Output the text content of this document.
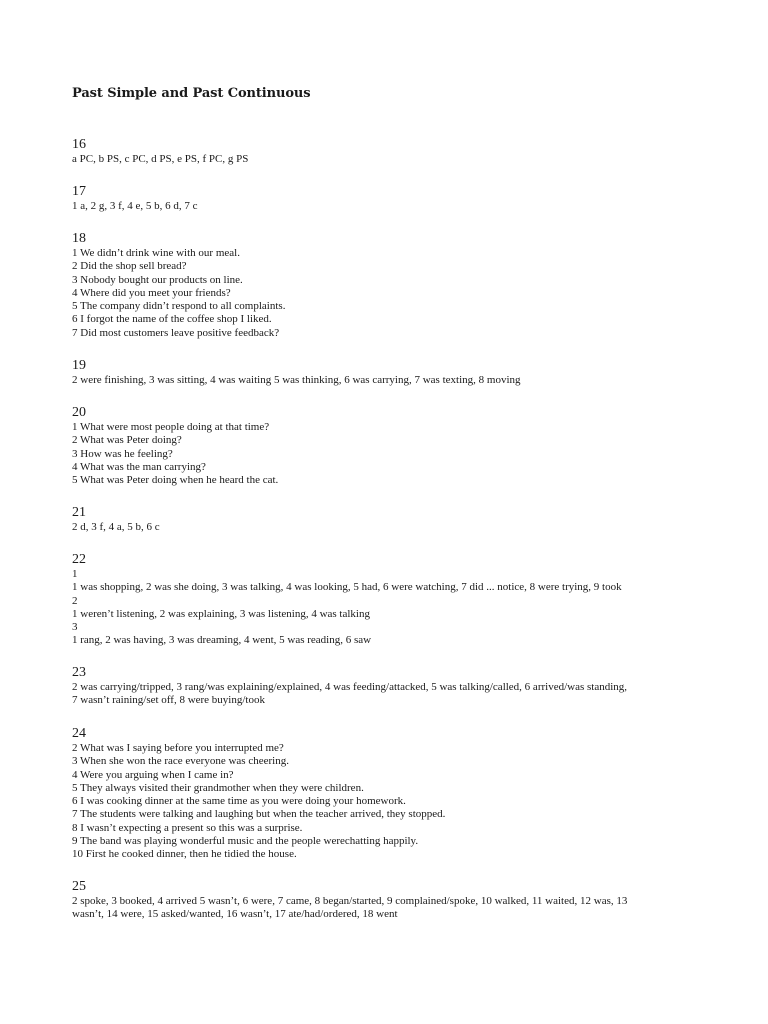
Past Simple and Past Continuous
16
a PC, b PS, c PC, d PS, e PS, f PC, g PS
17
1 a, 2 g, 3 f, 4 e, 5 b, 6 d, 7 c
18
1 We didn’t drink wine with our meal.
2 Did the shop sell bread?
3 Nobody bought our products on line.
4 Where did you meet your friends?
5 The company didn’t respond to all complaints.
6 I forgot the name of the coffee shop I liked.
7 Did most customers leave positive feedback?
19
2 were finishing, 3 was sitting, 4 was waiting 5 was thinking, 6 was carrying, 7 was texting, 8 moving
20
1 What were most people doing at that time?
2 What was Peter doing?
3 How was he feeling?
4 What was the man carrying?
5 What was Peter doing when he heard the cat.
21
2 d, 3 f, 4 a, 5 b, 6 c
22
1
1 was shopping, 2 was she doing, 3 was talking, 4 was looking, 5 had, 6 were watching, 7 did ... notice, 8 were trying, 9 took
2
1 weren’t listening, 2 was explaining, 3 was listening, 4 was talking
3
1 rang, 2 was having, 3 was dreaming, 4 went, 5 was reading, 6 saw
23
2 was carrying/tripped, 3 rang/was explaining/explained, 4 was feeding/attacked, 5 was talking/called, 6 arrived/was standing,
7 wasn’t raining/set off, 8 were buying/took
24
2 What was I saying before you interrupted me?
3 When she won the race everyone was cheering.
4 Were you arguing when I came in?
5 They always visited their grandmother when they were children.
6 I was cooking dinner at the same time as you were doing your homework.
7 The students were talking and laughing but when the teacher arrived, they stopped.
8 I wasn’t expecting a present so this was a surprise.
9 The band was playing wonderful music and the people werechatting happily.
10 First he cooked dinner, then he tidied the house.
25
2 spoke, 3 booked, 4 arrived 5 wasn’t, 6 were, 7 came, 8 began/started, 9 complained/spoke, 10 walked, 11 waited, 12 was, 13
wasn’t, 14 were, 15 asked/wanted, 16 wasn’t, 17 ate/had/ordered, 18 went
